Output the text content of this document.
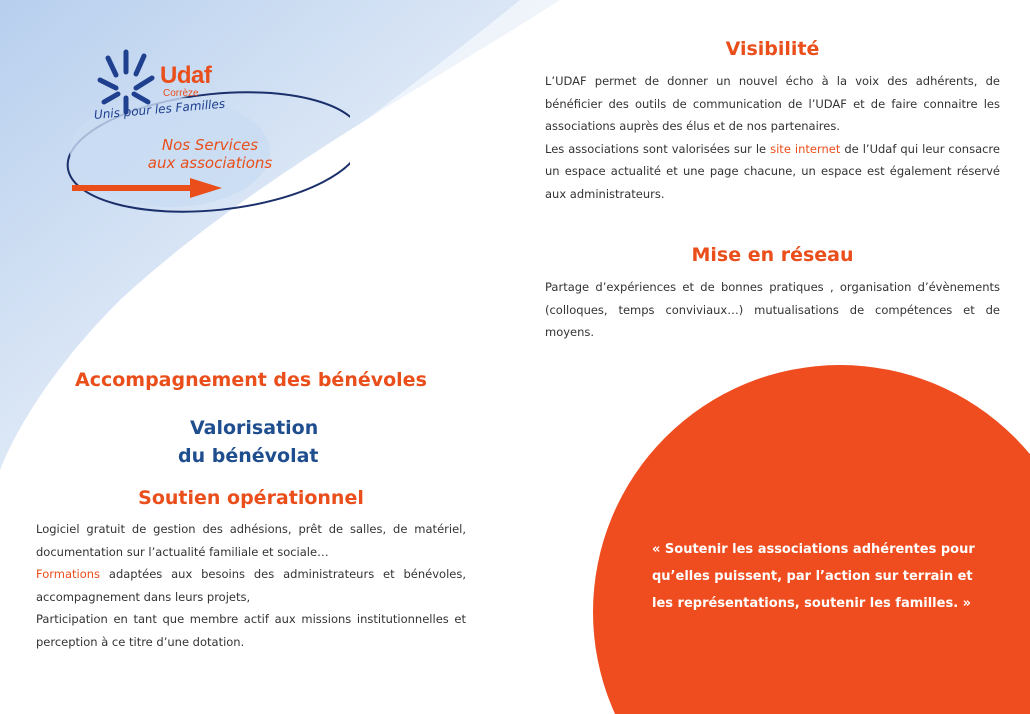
Udaf
Corrèze
Unis pour les Familles
Nos Services
aux associations
Visibilité
L’UDAF permet de donner un nouvel écho à la voix des adhérents, de bénéficier des outils de communication de l’UDAF et de faire connaitre les associations auprès des élus et de nos partenaires.
Les associations sont valorisées sur le site internet de l’Udaf qui leur consacre un espace actualité et une page chacune, un espace est également réservé aux administrateurs.
Mise en réseau
Partage d’expériences et de bonnes pratiques , organisation d’évènements (colloques, temps conviviaux…) mutualisations de compétences et de moyens.
Accompagnement des bénévoles
Valorisation
du bénévolat
Soutien opérationnel
Logiciel gratuit de gestion des adhésions, prêt de salles, de matériel, documentation sur l’actualité familiale et sociale…
Formations adaptées aux besoins des administrateurs et bénévoles, accompagnement dans leurs projets,
Participation en tant que membre actif aux missions institutionnelles et perception à ce titre d’une dotation.
« Soutenir les associations adhérentes pour qu’elles puissent, par l’action sur terrain et les représentations, soutenir les familles. »
